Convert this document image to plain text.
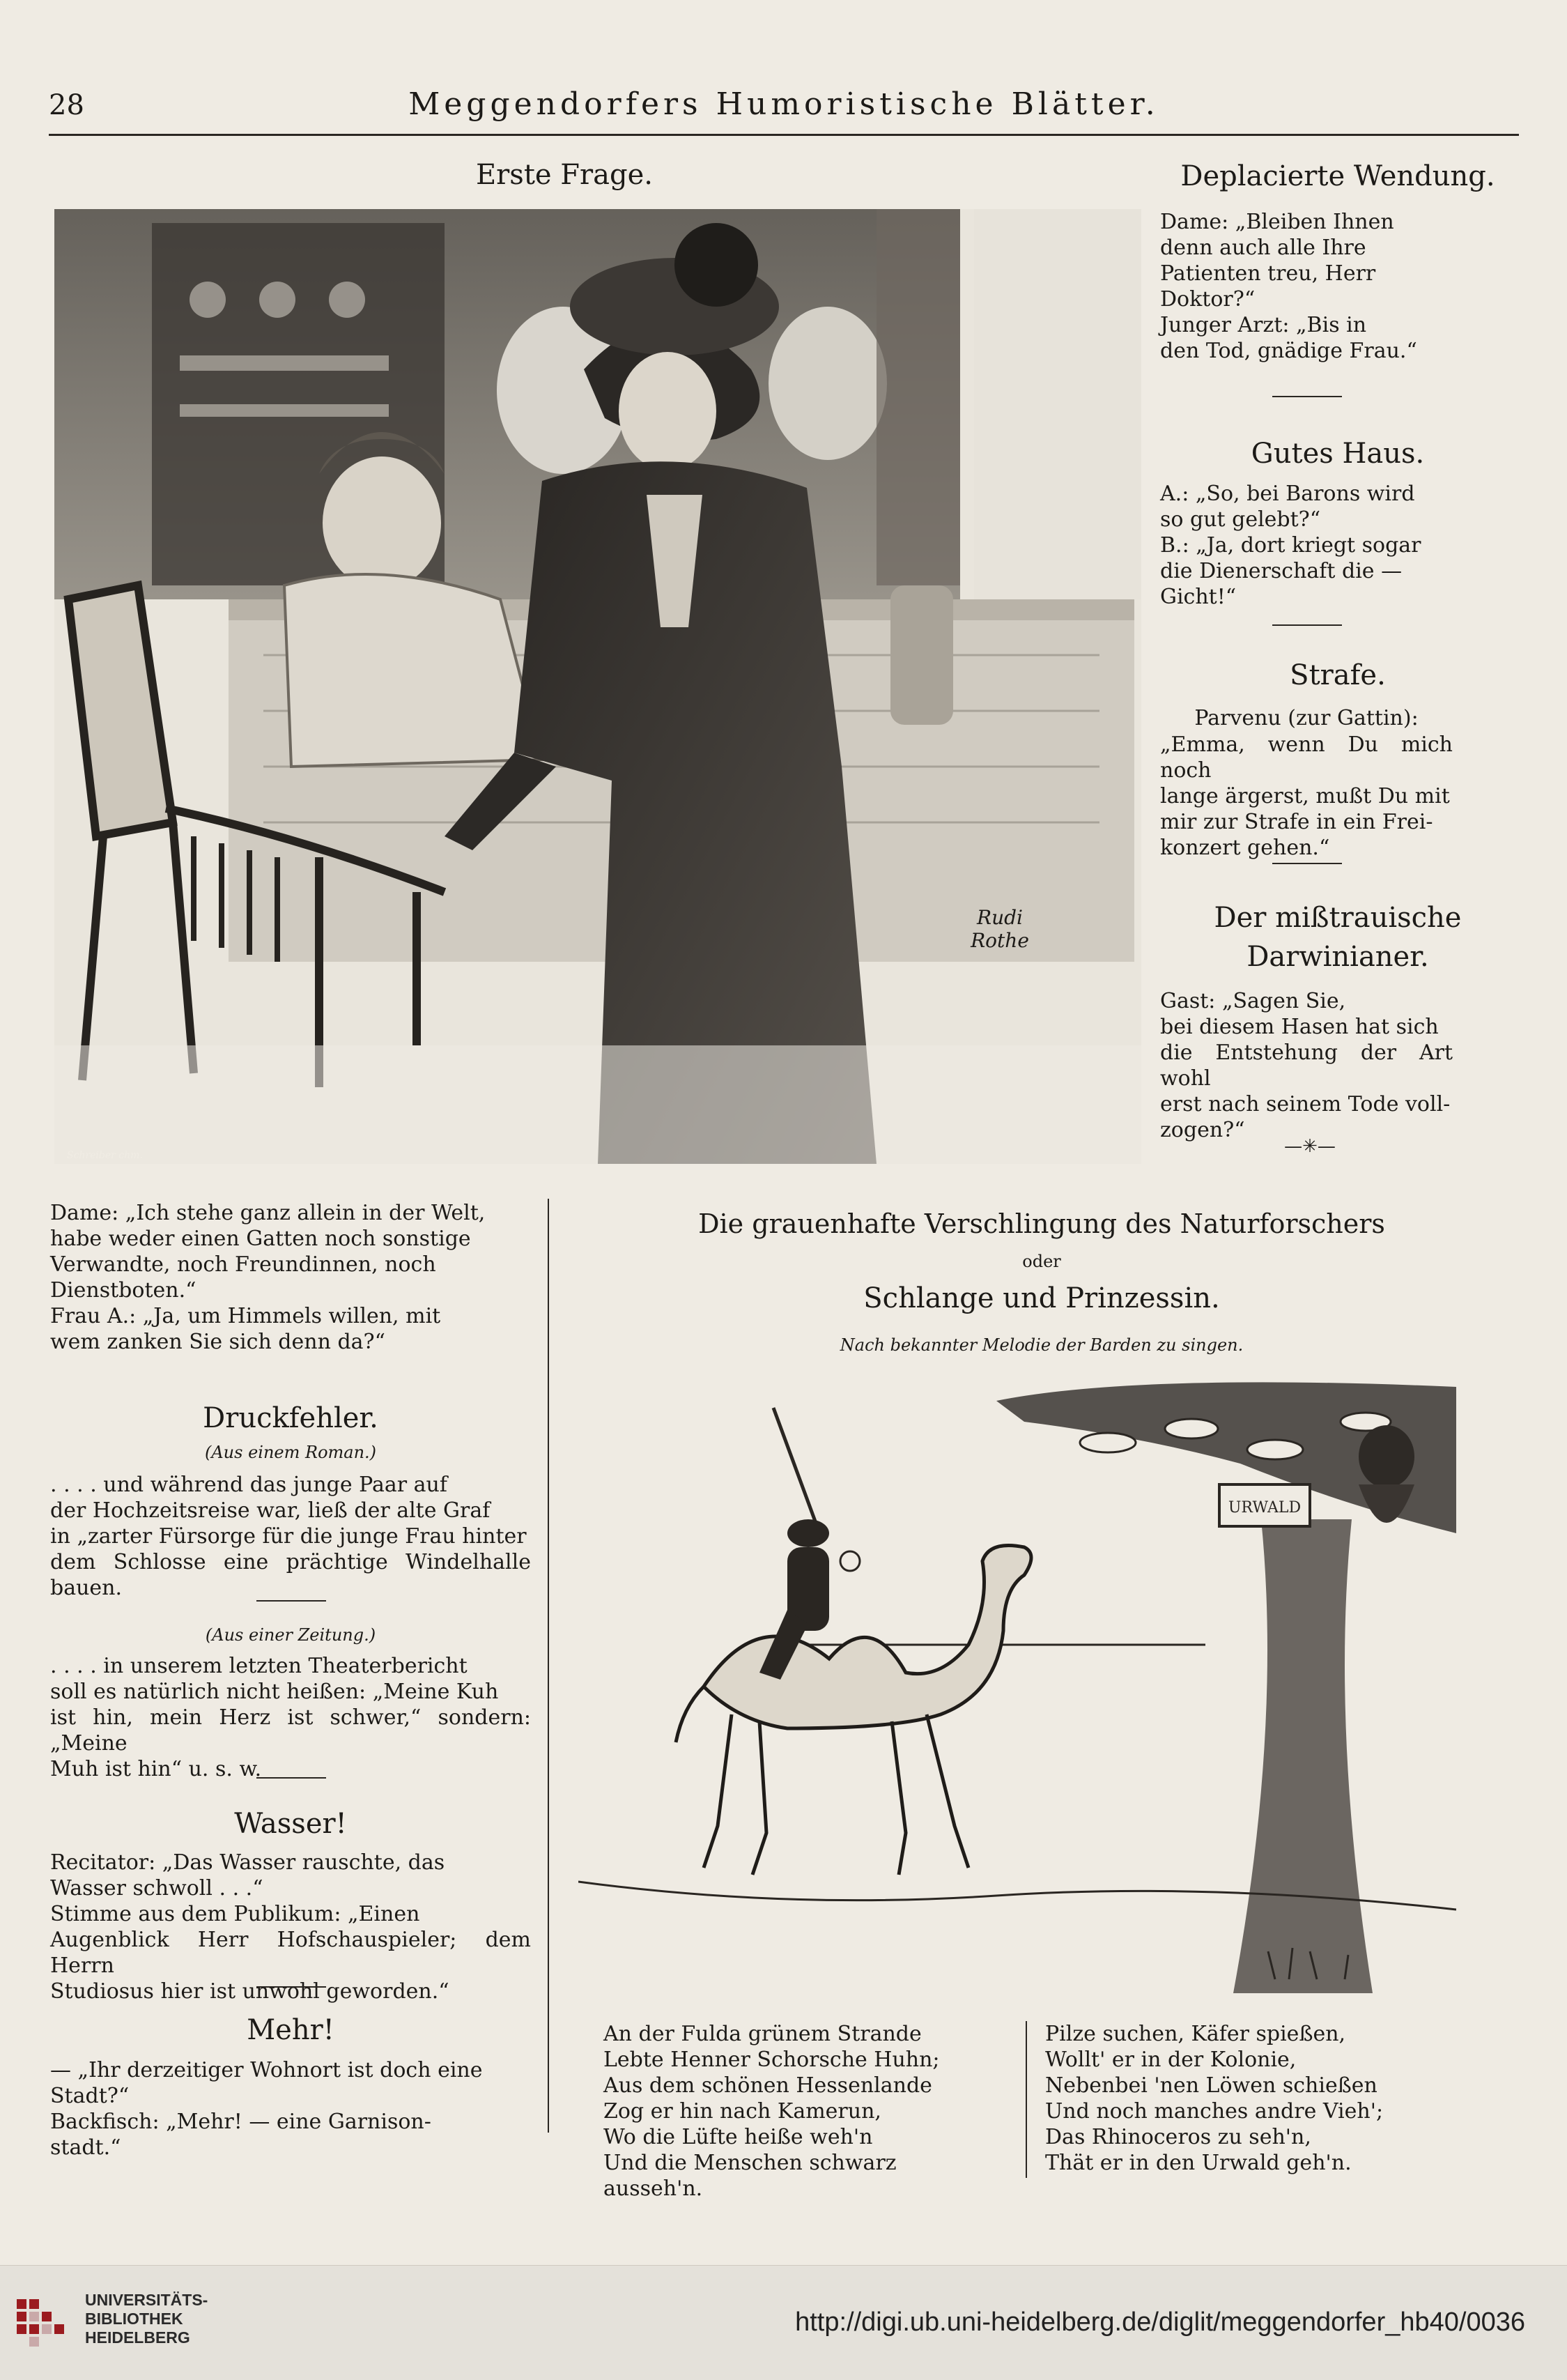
28	Meggendorfers Humoristische Blätter.
Erste Frage.
Schreiber chm.
Rudi Rothe
Deplacierte Wendung.
Dame: „Bleiben Ihnen
denn auch alle Ihre
Patienten treu, Herr
Doktor?“
Junger Arzt: „Bis in
den Tod, gnädige Frau.“
Gutes Haus.
A.: „So, bei Barons wird
so gut gelebt?“
B.: „Ja, dort kriegt sogar
die Dienerschaft die —
Gicht!“
Strafe.
Parvenu (zur Gattin):
„Emma, wenn Du mich noch
lange ärgerst, mußt Du mit
mir zur Strafe in ein Frei-
konzert gehen.“
Der mißtrauische
Darwinianer.
Gast: „Sagen Sie,
bei diesem Hasen hat sich
die Entstehung der Art wohl
erst nach seinem Tode voll-
zogen?“
—✳—
Dame: „Ich stehe ganz allein in der Welt,
habe weder einen Gatten noch sonstige
Verwandte, noch Freundinnen, noch
Dienstboten.“
Frau A.: „Ja, um Himmels willen, mit
wem zanken Sie sich denn da?“
Druckfehler.
(Aus einem Roman.)
. . . . und während das junge Paar auf
der Hochzeitsreise war, ließ der alte Graf
in „zarter Fürsorge für die junge Frau hinter
dem Schlosse eine prächtige Windelhalle bauen.
(Aus einer Zeitung.)
. . . . in unserem letzten Theaterbericht
soll es natürlich nicht heißen: „Meine Kuh
ist hin, mein Herz ist schwer,“ sondern: „Meine
Muh ist hin“ u. s. w.
Wasser!
Recitator: „Das Wasser rauschte, das
Wasser schwoll . . .“
Stimme aus dem Publikum: „Einen
Augenblick Herr Hofschauspieler; dem Herrn
Studiosus hier ist unwohl geworden.“
Mehr!
— „Ihr derzeitiger Wohnort ist doch eine
Stadt?“
Backfisch: „Mehr! — eine Garnison-
stadt.“
Die grauenhafte Verschlingung des Naturforschers
oder
Schlange und Prinzessin.
Nach bekannter Melodie der Barden zu singen.
URWALD
An der Fulda grünem Strande
Lebte Henner Schorsche Huhn;
Aus dem schönen Hessenlande
Zog er hin nach Kamerun,
Wo die Lüfte heiße weh'n
Und die Menschen schwarz ausseh'n.
Pilze suchen, Käfer spießen,
Wollt' er in der Kolonie,
Nebenbei 'nen Löwen schießen
Und noch manches andre Vieh';
Das Rhinoceros zu seh'n,
Thät er in den Urwald geh'n.
UNIVERSITÄTS-
BIBLIOTHEK
HEIDELBERG
http://digi.ub.uni-heidelberg.de/diglit/meggendorfer_hb40/0036
